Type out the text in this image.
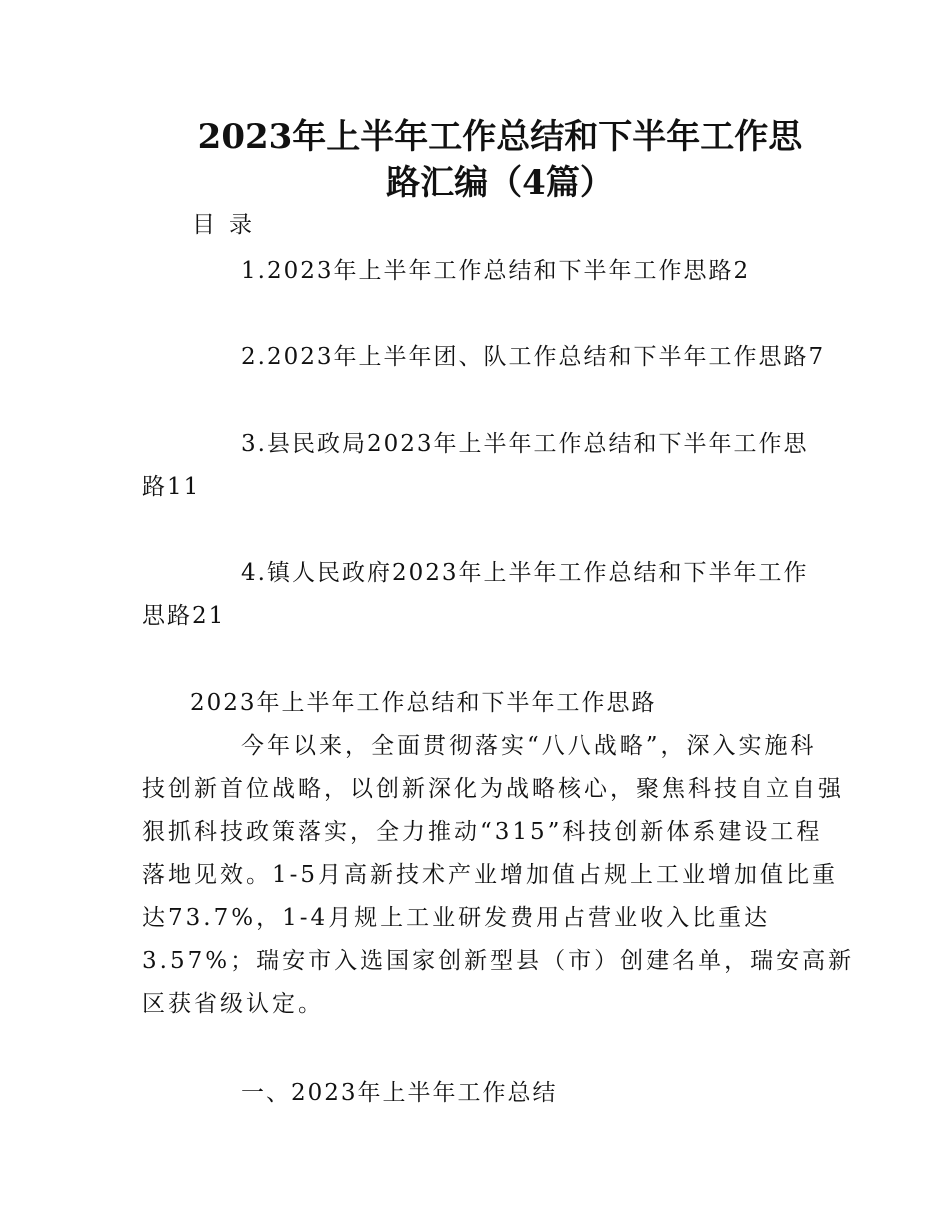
2023年上半年工作总结和下半年工作思
路汇编（4篇）
目录
1.2023年上半年工作总结和下半年工作思路2
2.2023年上半年团、队工作总结和下半年工作思路7
3.县民政局2023年上半年工作总结和下半年工作思
路11
4.镇人民政府2023年上半年工作总结和下半年工作
思路21
2023年上半年工作总结和下半年工作思路
今年以来，全面贯彻落实“八八战略”，深入实施科
技创新首位战略，以创新深化为战略核心，聚焦科技自立自强
狠抓科技政策落实，全力推动“315”科技创新体系建设工程
落地见效。1-5月高新技术产业增加值占规上工业增加值比重
达73.7%，1-4月规上工业研发费用占营业收入比重达
3.57%；瑞安市入选国家创新型县（市）创建名单，瑞安高新
区获省级认定。
一、2023年上半年工作总结
